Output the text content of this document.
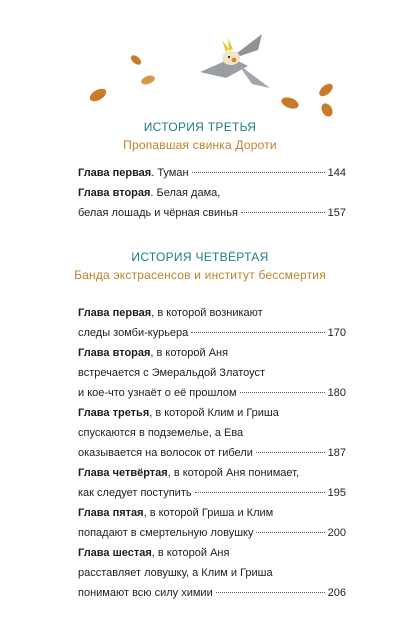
ИСТОРИЯ ТРЕТЬЯ
Пропавшая свинка Дороти
Глава первая. Туман	144
Глава вторая. Белая дама,
белая лошадь и чёрная свинья	157
ИСТОРИЯ ЧЕТВЁРТАЯ
Банда экстрасенсов и институт бессмертия
Глава первая, в которой возникают
следы зомби-курьера	170
Глава вторая, в которой Аня
встречается с Эмеральдой Златоуст
и кое-что узнаёт о её прошлом	180
Глава третья, в которой Клим и Гриша
спускаются в подземелье, а Ева
оказывается на волосок от гибели	187
Глава четвёртая, в которой Аня понимает,
как следует поступить	195
Глава пятая, в которой Гриша и Клим
попадают в смертельную ловушку	200
Глава шестая, в которой Аня
расставляет ловушку, а Клим и Гриша
понимают всю силу химии	206
